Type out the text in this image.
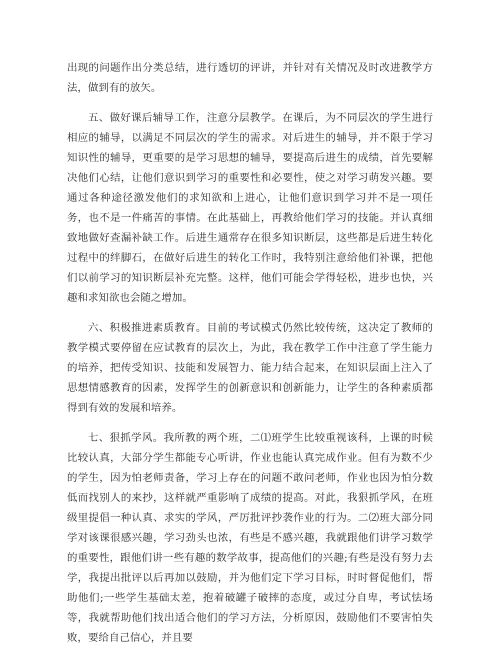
出现的问题作出分类总结，进行透切的评讲，并针对有关情况及时改进教学方法，做到有的放矢。

五、做好课后辅导工作，注意分层教学。在课后，为不同层次的学生进行相应的辅导，以满足不同层次的学生的需求。对后进生的辅导，并不限于学习知识性的辅导，更重要的是学习思想的辅导，要提高后进生的成绩，首先要解决他们心结，让他们意识到学习的重要性和必要性，使之对学习萌发兴趣。要通过各种途径激发他们的求知欲和上进心，让他们意识到学习并不是一项任务，也不是一件痛苦的事情。在此基础上，再教给他们学习的技能。并认真细致地做好查漏补缺工作。后进生通常存在很多知识断层，这些都是后进生转化过程中的绊脚石，在做好后进生的转化工作时，我特别注意给他们补课，把他们以前学习的知识断层补充完整。这样，他们可能会学得轻松，进步也快，兴趣和求知欲也会随之增加。

六、积极推进素质教育。目前的考试模式仍然比较传统，这决定了教师的教学模式要停留在应试教育的层次上，为此，我在教学工作中注意了学生能力的培养，把传受知识、技能和发展智力、能力结合起来，在知识层面上注入了思想情感教育的因素，发挥学生的创新意识和创新能力，让学生的各种素质都得到有效的发展和培养。

七、狠抓学风。我所教的两个班，二⑴班学生比较重视该科，上课的时候比较认真，大部分学生都能专心听讲，作业也能认真完成作业。但有为数不少的学生，因为怕老师责备，学习上存在的问题不敢问老师，作业也因为怕分数低而找别人的来抄，这样就严重影响了成绩的提高。对此，我狠抓学风，在班级里提倡一种认真、求实的学风，严厉批评抄袭作业的行为。二⑵班大部分同学对该课很感兴趣，学习劲头也浓，有些是不感兴趣，我就跟他们讲学习数学的重要性，跟他们讲一些有趣的数学故事，提高他们的兴趣;有些是没有努力去学，我提出批评以后再加以鼓励，并为他们定下学习目标，时时督促他们，帮助他们;一些学生基础太差，抱着破罐子破摔的态度，或过分自卑，考试怯场等，我就帮助他们找出适合他们的学习方法，分析原因，鼓励他们不要害怕失败，要给自己信心，并且要
